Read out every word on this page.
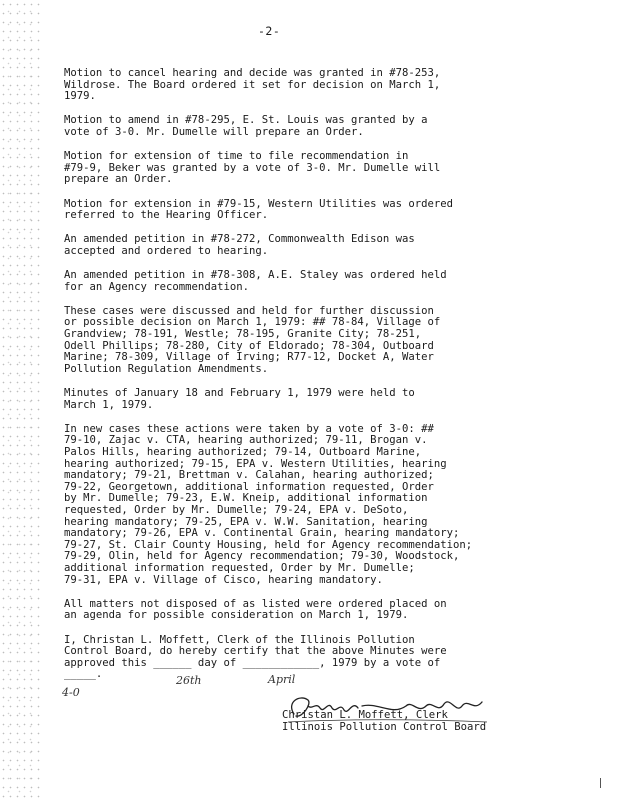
-2-

Motion to cancel hearing and decide was granted in #78-253,
Wildrose. The Board ordered it set for decision on March 1,
1979.

Motion to amend in #78-295, E. St. Louis was granted by a
vote of 3-0. Mr. Dumelle will prepare an Order.

Motion for extension of time to file recommendation in
#79-9, Beker was granted by a vote of 3-0. Mr. Dumelle will
prepare an Order.

Motion for extension in #79-15, Western Utilities was ordered
referred to the Hearing Officer.

An amended petition in #78-272, Commonwealth Edison was
accepted and ordered to hearing.

An amended petition in #78-308, A.E. Staley was ordered held
for an Agency recommendation.

These cases were discussed and held for further discussion
or possible decision on March 1, 1979: ## 78-84, Village of
Grandview; 78-191, Westle; 78-195, Granite City; 78-251,
Odell Phillips; 78-280, City of Eldorado; 78-304, Outboard
Marine; 78-309, Village of Irving; R77-12, Docket A, Water
Pollution Regulation Amendments.

Minutes of January 18 and February 1, 1979 were held to
March 1, 1979.

In new cases these actions were taken by a vote of 3-0: ##
79-10, Zajac v. CTA, hearing authorized; 79-11, Brogan v.
Palos Hills, hearing authorized; 79-14, Outboard Marine,
hearing authorized; 79-15, EPA v. Western Utilities, hearing
mandatory; 79-21, Brettman v. Calahan, hearing authorized;
79-22, Georgetown, additional information requested, Order
by Mr. Dumelle; 79-23, E.W. Kneip, additional information
requested, Order by Mr. Dumelle; 79-24, EPA v. DeSoto,
hearing mandatory; 79-25, EPA v. W.W. Sanitation, hearing
mandatory; 79-26, EPA v. Continental Grain, hearing mandatory;
79-27, St. Clair County Housing, held for Agency recommendation;
79-29, Olin, held for Agency recommendation; 79-30, Woodstock,
additional information requested, Order by Mr. Dumelle;
79-31, EPA v. Village of Cisco, hearing mandatory.

All matters not disposed of as listed were ordered placed on
an agenda for possible consideration on March 1, 1979.

I, Christan L. Moffett, Clerk of the Illinois Pollution
Control Board, do hereby certify that the above Minutes were
approved this ______ day of ____________, 1979 by a vote of
_____.	26th	April
4-0
Christan L. Moffett, Clerk
Illinois Pollution Control Board
